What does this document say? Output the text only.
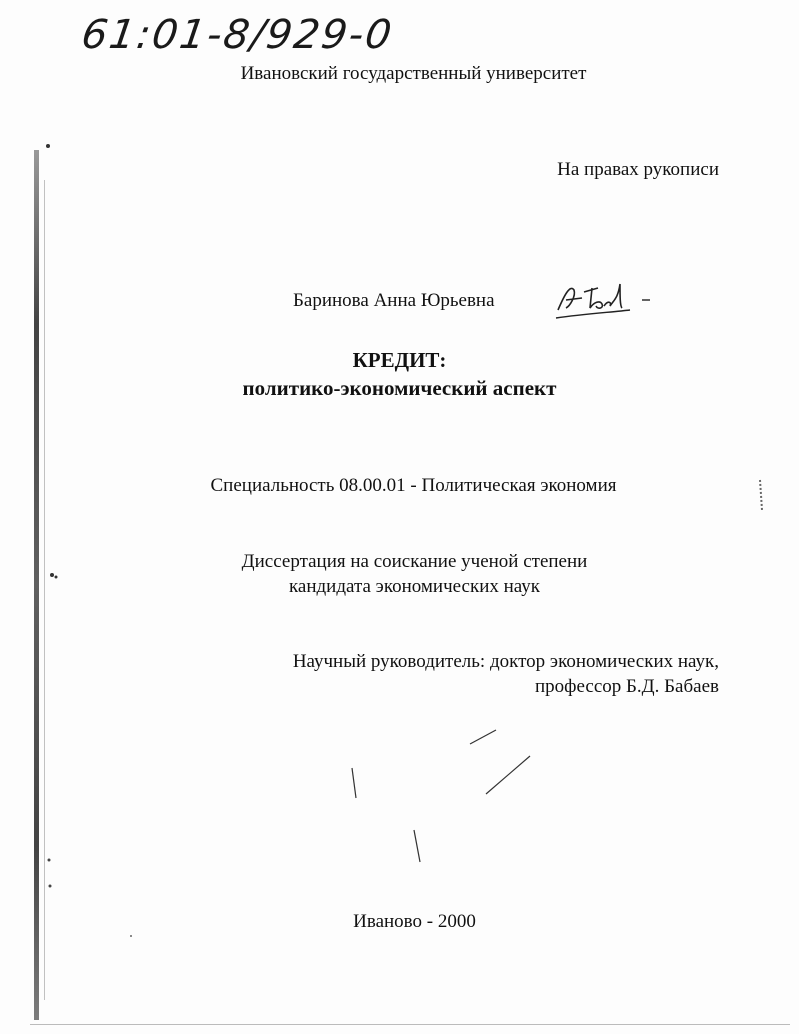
61:01-8/929-0
Ивановский государственный университет
На правах рукописи
Баринова Анна Юрьевна
КРЕДИТ:
политико-экономический аспект
Специальность 08.00.01 - Политическая экономия
Диссертация на соискание ученой степени
кандидата экономических наук
Научный руководитель: доктор экономических наук,
профессор Б.Д. Бабаев
Иваново - 2000
